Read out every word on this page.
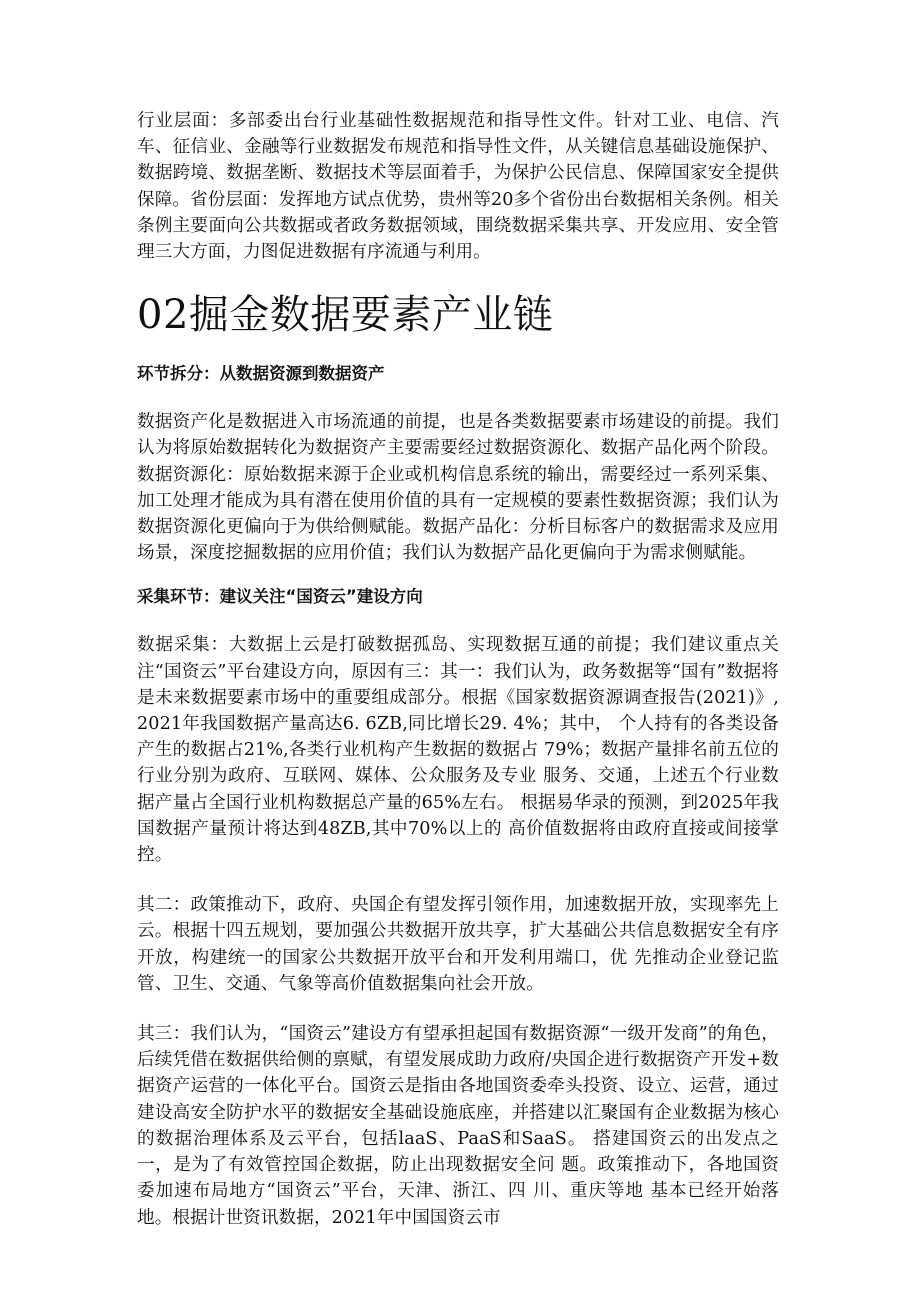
行业层面：多部委出台行业基础性数据规范和指导性文件。针对工业、电信、汽车、征信业、金融等行业数据发布规范和指导性文件，从关键信息基础设施保护、数据跨境、数据垄断、数据技术等层面着手，为保护公民信息、保障国家安全提供保障。省份层面：发挥地方试点优势，贵州等20多个省份出台数据相关条例。相关条例主要面向公共数据或者政务数据领域，围绕数据采集共享、开发应用、安全管理三大方面，力图促进数据有序流通与利用。

02掘金数据要素产业链
环节拆分：从数据资源到数据资产

数据资产化是数据进入市场流通的前提，也是各类数据要素市场建设的前提。我们认为将原始数据转化为数据资产主要需要经过数据资源化、数据产品化两个阶段。数据资源化：原始数据来源于企业或机构信息系统的输出，需要经过一系列采集、加工处理才能成为具有潜在使用价值的具有一定规模的要素性数据资源；我们认为数据资源化更偏向于为供给侧赋能。数据产品化：分析目标客户的数据需求及应用场景，深度挖掘数据的应用价值；我们认为数据产品化更偏向于为需求侧赋能。

采集环节：建议关注“国资云”建设方向

数据采集：大数据上云是打破数据孤岛、实现数据互通的前提；我们建议重点关注“国资云”平台建设方向，原因有三：其一：我们认为，政务数据等“国有”数据将是未来数据要素市场中的重要组成部分。根据《国家数据资源调查报告(2021)》,2021年我国数据产量高达6. 6ZB,同比增长29. 4%；其中， 个人持有的各类设备产生的数据占21%,各类行业机构产生数据的数据占 79%；数据产量排名前五位的行业分别为政府、互联网、媒体、公众服务及专业 服务、交通，上述五个行业数据产量占全国行业机构数据总产量的65%左右。 根据易华录的预测，到2025年我国数据产量预计将达到48ZB,其中70%以上的 高价值数据将由政府直接或间接掌控。

其二：政策推动下，政府、央国企有望发挥引领作用，加速数据开放，实现率先上云。根据十四五规划，要加强公共数据开放共享，扩大基础公共信息数据安全有序开放，构建统一的国家公共数据开放平台和开发利用端口，优 先推动企业登记监管、卫生、交通、气象等高价值数据集向社会开放。

其三：我们认为，“国资云”建设方有望承担起国有数据资源“一级开发商”的角色，后续凭借在数据供给侧的禀赋，有望发展成助力政府/央国企进行数据资产开发+数据资产运营的一体化平台。国资云是指由各地国资委牵头投资、设立、运营，通过建设高安全防护水平的数据安全基础设施底座，并搭建以汇聚国有企业数据为核心的数据治理体系及云平台，包括laaS、PaaS和SaaS。 搭建国资云的出发点之一，是为了有效管控国企数据，防止出现数据安全问 题。政策推动下，各地国资委加速布局地方“国资云”平台，天津、浙江、四 川、重庆等地 基本已经开始落地。根据计世资讯数据，2021年中国国资云市
